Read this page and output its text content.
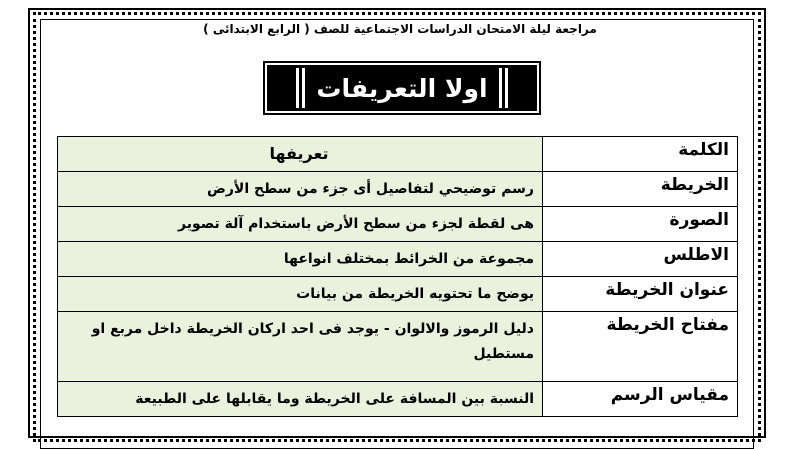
مراجعة ليلة الامتحان الدراسات الاجتماعية للصف ( الرابع الابتدائى )
اولا التعريفات
الكلمة	تعريفها
الخريطة	رسم توضيحي لتفاصيل أى جزء من سطح الأرض
الصورة	هى لقطة لجزء من سطح الأرض باستخدام آلة تصوير
الاطلس	مجموعة من الخرائط بمختلف انواعها
عنوان الخريطة	يوضح ما تحتويه الخريطة من بيانات
مفتاح الخريطة	دليل الرموز والالوان - يوجد فى احد اركان الخريطة داخل مربع او مستطيل
مقياس الرسم	النسبة بين المسافة على الخريطة وما يقابلها على الطبيعة
